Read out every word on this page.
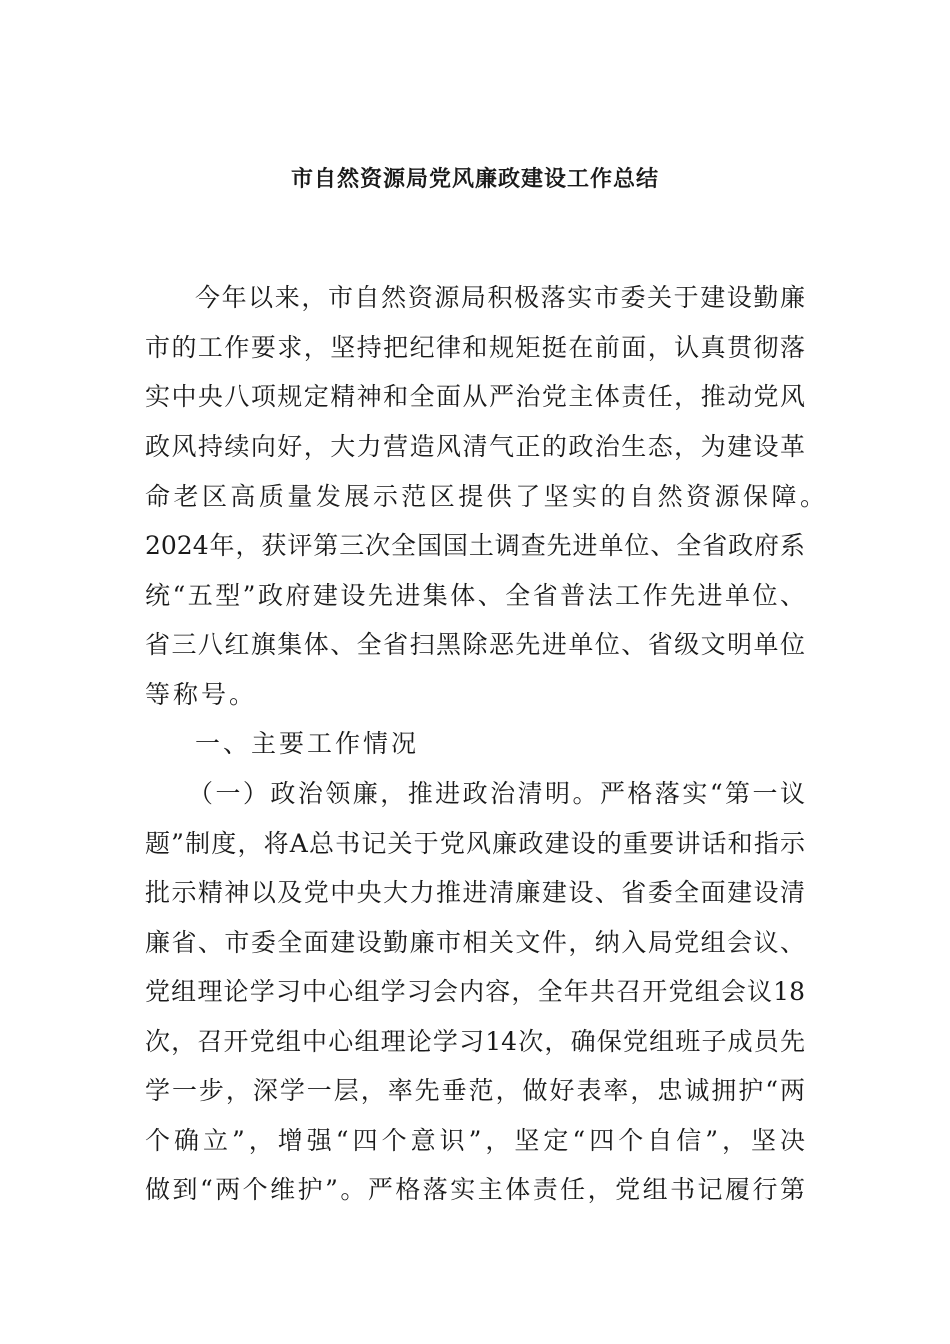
市自然资源局党风廉政建设工作总结

今年以来，市自然资源局积极落实市委关于建设勤廉

市的工作要求，坚持把纪律和规矩挺在前面，认真贯彻落

实中央八项规定精神和全面从严治党主体责任，推动党风

政风持续向好，大力营造风清气正的政治生态，为建设革

命老区高质量发展示范区提供了坚实的自然资源保障。

2024年，获评第三次全国国土调查先进单位、全省政府系

统“五型”政府建设先进集体、全省普法工作先进单位、

省三八红旗集体、全省扫黑除恶先进单位、省级文明单位

等称号。

一、主要工作情况

（一）政治领廉，推进政治清明。严格落实“第一议

题”制度，将A总书记关于党风廉政建设的重要讲话和指示

批示精神以及党中央大力推进清廉建设、省委全面建设清

廉省、市委全面建设勤廉市相关文件，纳入局党组会议、

党组理论学习中心组学习会内容，全年共召开党组会议18

次，召开党组中心组理论学习14次，确保党组班子成员先

学一步，深学一层，率先垂范，做好表率，忠诚拥护“两

个确立”，增强“四个意识”，坚定“四个自信”，坚决

做到“两个维护”。严格落实主体责任，党组书记履行第
